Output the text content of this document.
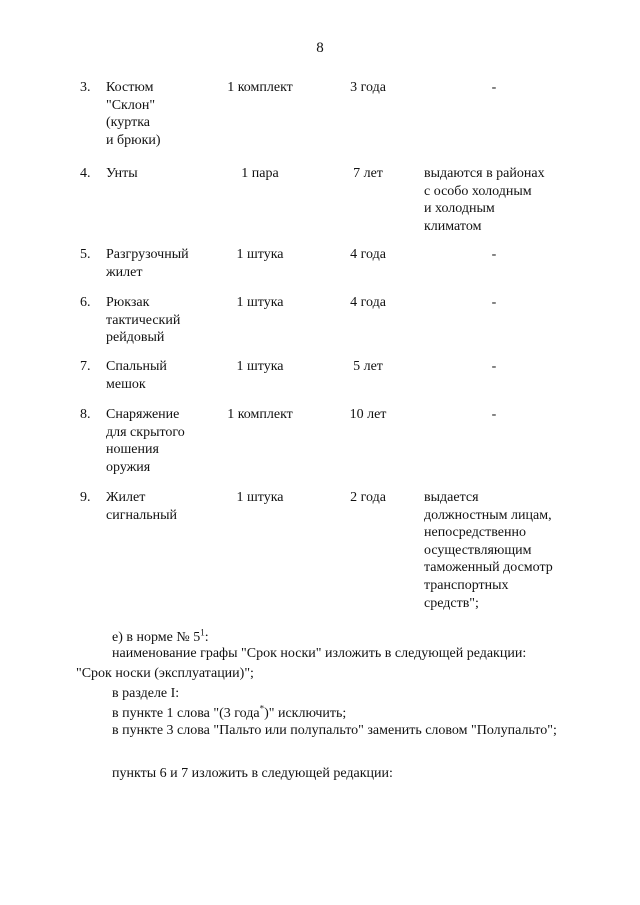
8
3.	Костюм
"Склон"
(куртка
и брюки)
1 комплект	3 года	-
4.	Унты	1 пара	7 лет	выдаются в районах
с особо холодным
и холодным
климатом
5.	Разгрузочный
жилет
1 штука	4 года	-
6.	Рюкзак
тактический
рейдовый
1 штука	4 года	-
7.	Спальный
мешок
1 штука	5 лет	-
8.	Снаряжение
для скрытого
ношения
оружия
1 комплект	10 лет	-
9.	Жилет
сигнальный
1 штука	2 года	выдается
должностным лицам,
непосредственно
осуществляющим
таможенный досмотр
транспортных
средств";
е) в норме № $5^1$:
наименование графы "Срок носки" изложить в следующей редакции:
"Срок носки (эксплуатации)";
в разделе I:
в пункте 1 слова "(3 года*)" исключить;
в пункте 3 слова "Пальто или полупальто" заменить словом "Полупальто";
пункты 6 и 7 изложить в следующей редакции:
